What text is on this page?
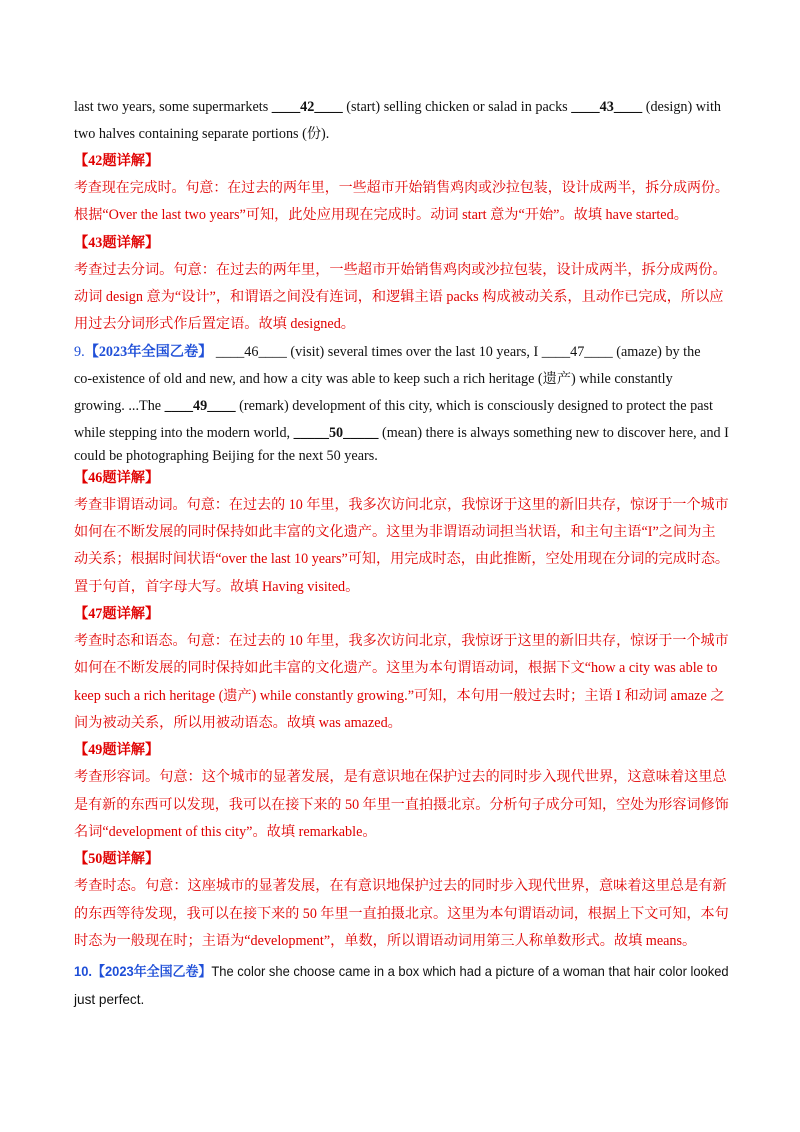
last two years, some supermarkets ____42____ (start) selling chicken or salad in packs ____43____ (design) with
two halves containing separate portions (份).
【42题详解】
考查现在完成时。句意：在过去的两年里，一些超市开始销售鸡肉或沙拉包装，设计成两半，拆分成两份。
根据“Over the last two years”可知，此处应用现在完成时。动词 start 意为“开始”。故填 have started。
【43题详解】
考查过去分词。句意：在过去的两年里，一些超市开始销售鸡肉或沙拉包装，设计成两半，拆分成两份。
动词 design 意为“设计”，和谓语之间没有连词，和逻辑主语 packs 构成被动关系，且动作已完成，所以应
用过去分词形式作后置定语。故填 designed。
9.【2023年全国乙卷】 ____46____ (visit) several times over the last 10 years, I ____47____ (amaze) by the
co-existence of old and new, and how a city was able to keep such a rich heritage (遗产) while constantly
growing. ...The ____49____ (remark) development of this city, which is consciously designed to protect the past
while stepping into the modern world, _____50_____ (mean) there is always something new to discover here, and I
could be photographing Beijing for the next 50 years.
【46题详解】
考查非谓语动词。句意：在过去的 10 年里，我多次访问北京，我惊讶于这里的新旧共存，惊讶于一个城市
如何在不断发展的同时保持如此丰富的文化遗产。这里为非谓语动词担当状语，和主句主语“I”之间为主
动关系；根据时间状语“over the last 10 years”可知，用完成时态，由此推断，空处用现在分词的完成时态。
置于句首，首字母大写。故填 Having visited。
【47题详解】
考查时态和语态。句意：在过去的 10 年里，我多次访问北京，我惊讶于这里的新旧共存，惊讶于一个城市
如何在不断发展的同时保持如此丰富的文化遗产。这里为本句谓语动词，根据下文“how a city was able to
keep such a rich heritage (遗产) while constantly growing.”可知，本句用一般过去时；主语 I 和动词 amaze 之
间为被动关系，所以用被动语态。故填 was amazed。
【49题详解】
考查形容词。句意：这个城市的显著发展，是有意识地在保护过去的同时步入现代世界，这意味着这里总
是有新的东西可以发现，我可以在接下来的 50 年里一直拍摄北京。分析句子成分可知，空处为形容词修饰
名词“development of this city”。故填 remarkable。
【50题详解】
考查时态。句意：这座城市的显著发展，在有意识地保护过去的同时步入现代世界，意味着这里总是有新
的东西等待发现，我可以在接下来的 50 年里一直拍摄北京。这里为本句谓语动词，根据上下文可知，本句
时态为一般现在时；主语为“development”，单数，所以谓语动词用第三人称单数形式。故填 means。
10.【2023年全国乙卷】The color she choose came in a box which had a picture of a woman that hair color looked
just perfect.
